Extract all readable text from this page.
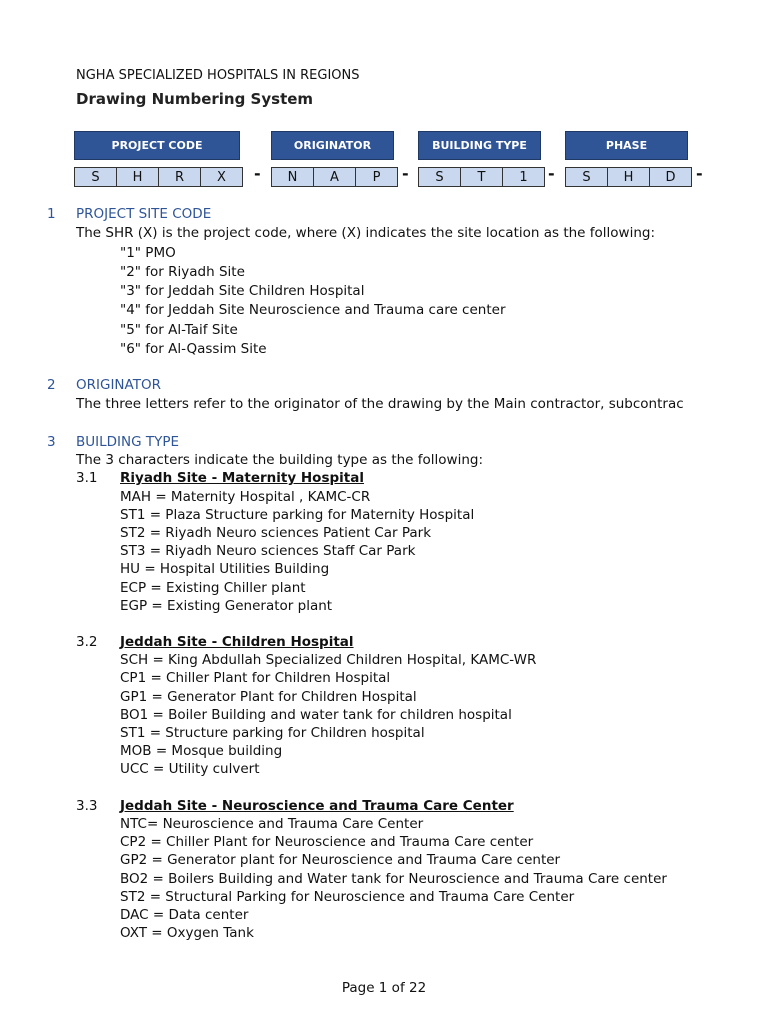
NGHA SPECIALIZED HOSPITALS IN REGIONS
Drawing Numbering System
PROJECT CODE
S	H	R	X	-
ORIGINATOR
N	A	P	-
BUILDING TYPE
S	T	1	-
PHASE
S	H	D	-
1 PROJECT SITE CODE
The SHR (X) is the project code, where (X) indicates the site location as the following:
"1" PMO
"2" for Riyadh Site
"3" for Jeddah Site Children Hospital
"4" for Jeddah Site Neuroscience and Trauma care center
"5" for Al-Taif Site
"6" for Al-Qassim Site
2 ORIGINATOR
The three letters refer to the originator of the drawing by the Main contractor, subcontrac
3 BUILDING TYPE
The 3 characters indicate the building type as the following:
3.1 Riyadh Site - Maternity Hospital
MAH = Maternity Hospital , KAMC-CR
ST1 = Plaza Structure parking for Maternity Hospital
ST2 = Riyadh Neuro sciences Patient Car Park
ST3 = Riyadh Neuro sciences Staff Car Park
HU = Hospital Utilities Building
ECP = Existing Chiller plant
EGP = Existing Generator plant
3.2 Jeddah Site - Children Hospital
SCH = King Abdullah Specialized Children Hospital, KAMC-WR
CP1 = Chiller Plant for Children Hospital
GP1 = Generator Plant for Children Hospital
BO1 = Boiler Building and water tank for children hospital
ST1 = Structure parking for Children hospital
MOB = Mosque building
UCC = Utility culvert
3.3 Jeddah Site - Neuroscience and Trauma Care Center
NTC= Neuroscience and Trauma Care Center
CP2 = Chiller Plant for Neuroscience and Trauma Care center
GP2 = Generator plant for Neuroscience and Trauma Care center
BO2 = Boilers Building and Water tank for Neuroscience and Trauma Care center
ST2 = Structural Parking for Neuroscience and Trauma Care Center
DAC = Data center
OXT = Oxygen Tank
Page 1 of 22
